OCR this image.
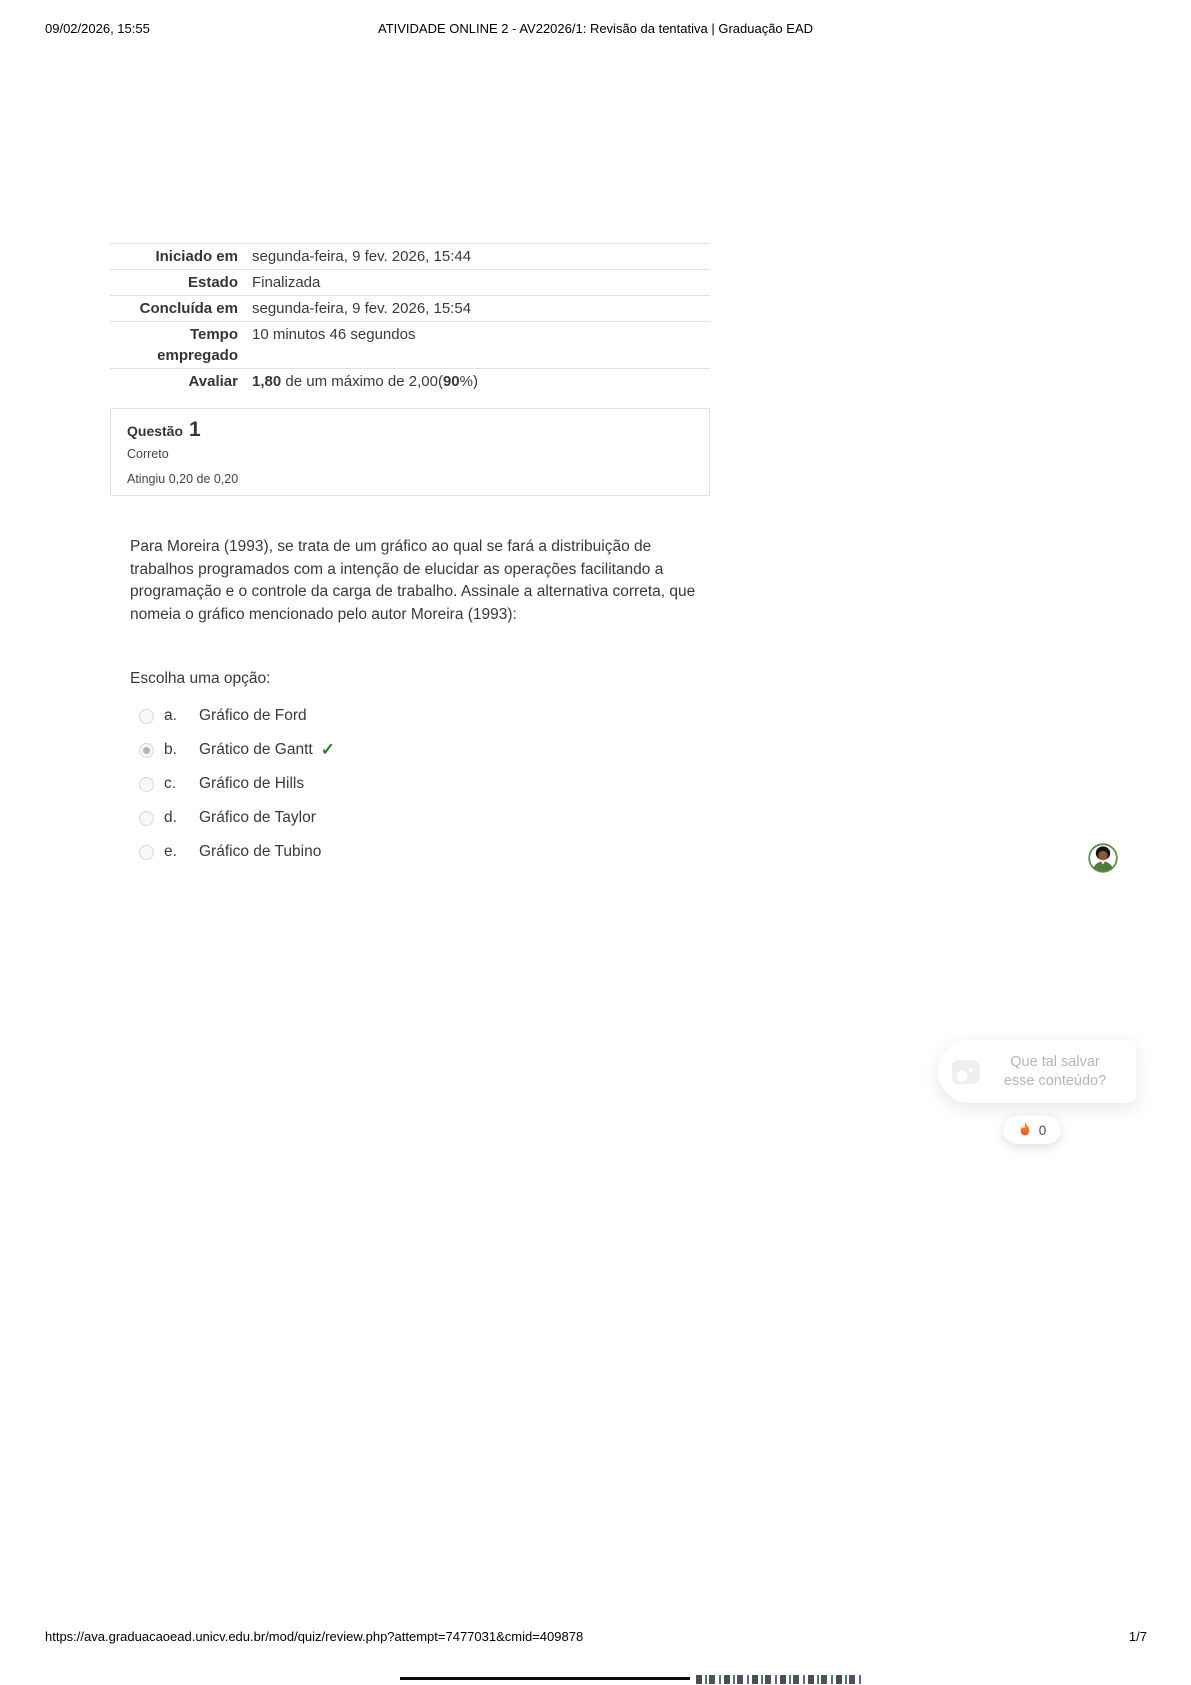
09/02/2026, 15:55	ATIVIDADE ONLINE 2 - AV22026/1: Revisão da tentativa | Graduação EAD
Iniciado em segunda-feira, 9 fev. 2026, 15:44
Estado Finalizada
Concluída em segunda-feira, 9 fev. 2026, 15:54
Tempo empregado
10 minutos 46 segundos
Avaliar 1,80 de um máximo de 2,00(90%)
Questão 1
Correto
Atingiu 0,20 de 0,20
Para Moreira (1993), se trata de um gráfico ao qual se fará a distribuição de trabalhos programados com a intenção de elucidar as operações facilitando a programação e o controle da carga de trabalho. Assinale a alternativa correta, que nomeia o gráfico mencionado pelo autor Moreira (1993):
Escolha uma opção:
a.	Gráfico de Ford
b.	Grático de Gantt ✓
c.	Gráfico de Hills
d.	Gráfico de Taylor
e.	Gráfico de Tubino
Que tal salvar
esse conteúdo?
0
https://ava.graduacaoead.unicv.edu.br/mod/quiz/review.php?attempt=7477031&cmid=409878	1/7
